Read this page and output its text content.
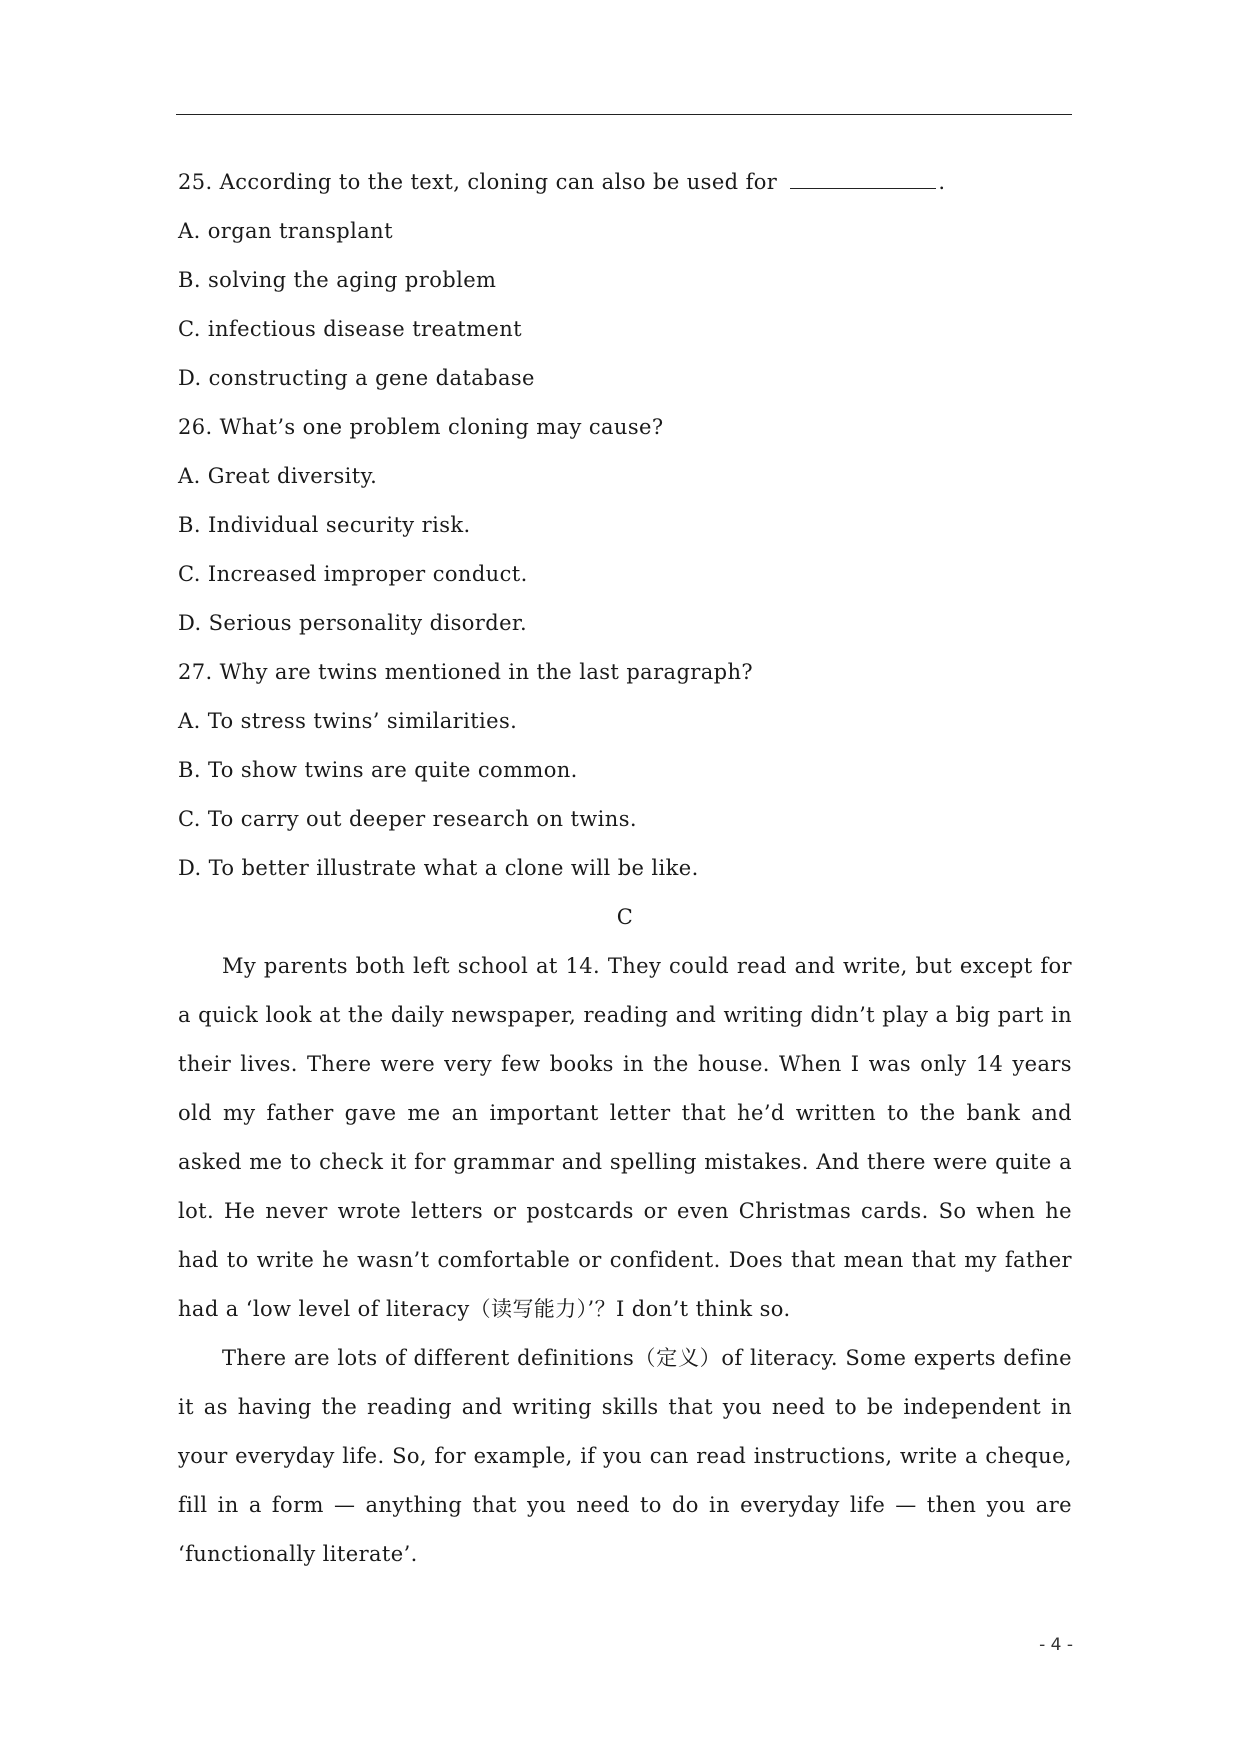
25. According to the text, cloning can also be used for	.
A. organ transplant
B. solving the aging problem
C. infectious disease treatment
D. constructing a gene database
26. What’s one problem cloning may cause?
A. Great diversity.
B. Individual security risk.
C. Increased improper conduct.
D. Serious personality disorder.
27. Why are twins mentioned in the last paragraph?
A. To stress twins’ similarities.
B. To show twins are quite common.
C. To carry out deeper research on twins.
D. To better illustrate what a clone will be like.
C

My parents both left school at 14. They could read and write, but except for a quick look at the daily newspaper, reading and writing didn’t play a big part in their lives. There were very few books in the house. When I was only 14 years old my father gave me an important letter that he’d written to the bank and asked me to check it for grammar and spelling mistakes. And there were quite a lot. He never wrote letters or postcards or even Christmas cards. So when he had to write he wasn’t comfortable or confident. Does that mean that my father had a ‘low level of literacy（读写能力）’？I don’t think so.

There are lots of different definitions（定义）of literacy. Some experts define it as having the reading and writing skills that you need to be independent in your everyday life. So, for example, if you can read instructions, write a cheque, fill in a form — anything that you need to do in everyday life — then you are ‘functionally literate’.

- 4 -
